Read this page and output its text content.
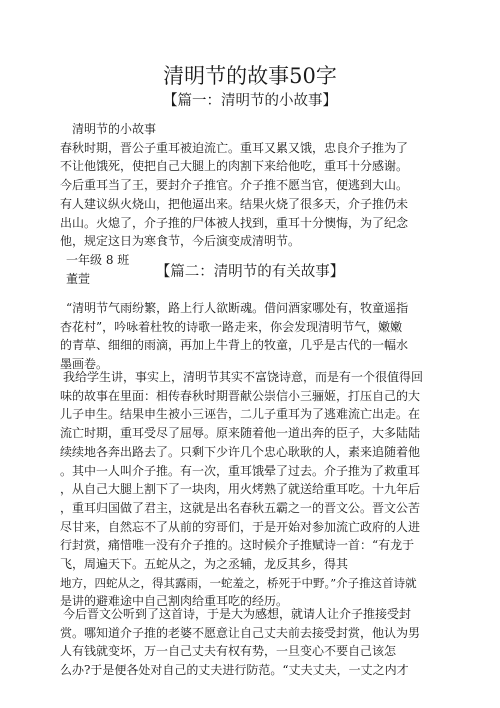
清明节的故事50字
【篇一：清明节的小故事】

清明节的小故事

春秋时期，晋公子重耳被迫流亡。重耳又累又饿，忠良介子推为了

不让他饿死，使把自己大腿上的肉割下来给他吃，重耳十分感谢。

今后重耳当了王，要封介子推官。介子推不愿当官，便逃到大山。

有人建议纵火烧山，把他逼出来。结果火烧了很多天，介子推仍未

出山。火熄了，介子推的尸体被人找到，重耳十分懊悔，为了纪念

他，规定这日为寒食节，今后演变成清明节。

一年级 8 班

董萱	【篇二：清明节的有关故事】

“清明节气雨纷繁，路上行人欲断魂。借问酒家哪处有，牧童遥指

杏花村”，吟咏着杜牧的诗歌一路走来，你会发现清明节气，嫩嫩

的青草、细细的雨滴，再加上牛背上的牧童，几乎是古代的一幅水

墨画卷。

我给学生讲，事实上，清明节其实不富饶诗意，而是有一个很值得回

味的故事在里面：相传春秋时期晋献公崇信小三骊姬，打压自己的大

儿子申生。结果申生被小三诬告，二儿子重耳为了逃难流亡出走。在

流亡时期，重耳受尽了屈辱。原来随着他一道出奔的臣子，大多陆陆

续续地各奔出路去了。只剩下少许几个忠心耿耿的人，素来追随着他

。其中一人叫介子推。有一次，重耳饿晕了过去。介子推为了救重耳

，从自己大腿上割下了一块肉，用火烤熟了就送给重耳吃。十九年后

，重耳归国做了君主，这就是出名春秋五霸之一的晋文公。晋文公苦

尽甘来，自然忘不了从前的穷哥们，于是开始对参加流亡政府的人进

行封赏，痛惜唯一没有介子推的。这时候介子推赋诗一首：“有龙于

飞，周遍天下。五蛇从之，为之丞辅，龙反其乡，得其

地方，四蛇从之，得其露雨，一蛇羞之，桥死于中野。”介子推这首诗就

是讲的避难途中自己割肉给重耳吃的经历。

今后晋文公听到了这首诗，于是大为感想，就请人让介子推接受封

赏。哪知道介子推的老婆不愿意让自己丈夫前去接受封赏，他认为男

人有钱就变坏，万一自己丈夫有权有势，一旦变心不要自己该怎

么办?于是便各处对自己的丈夫进行防范。“丈夫丈夫，一丈之内才
